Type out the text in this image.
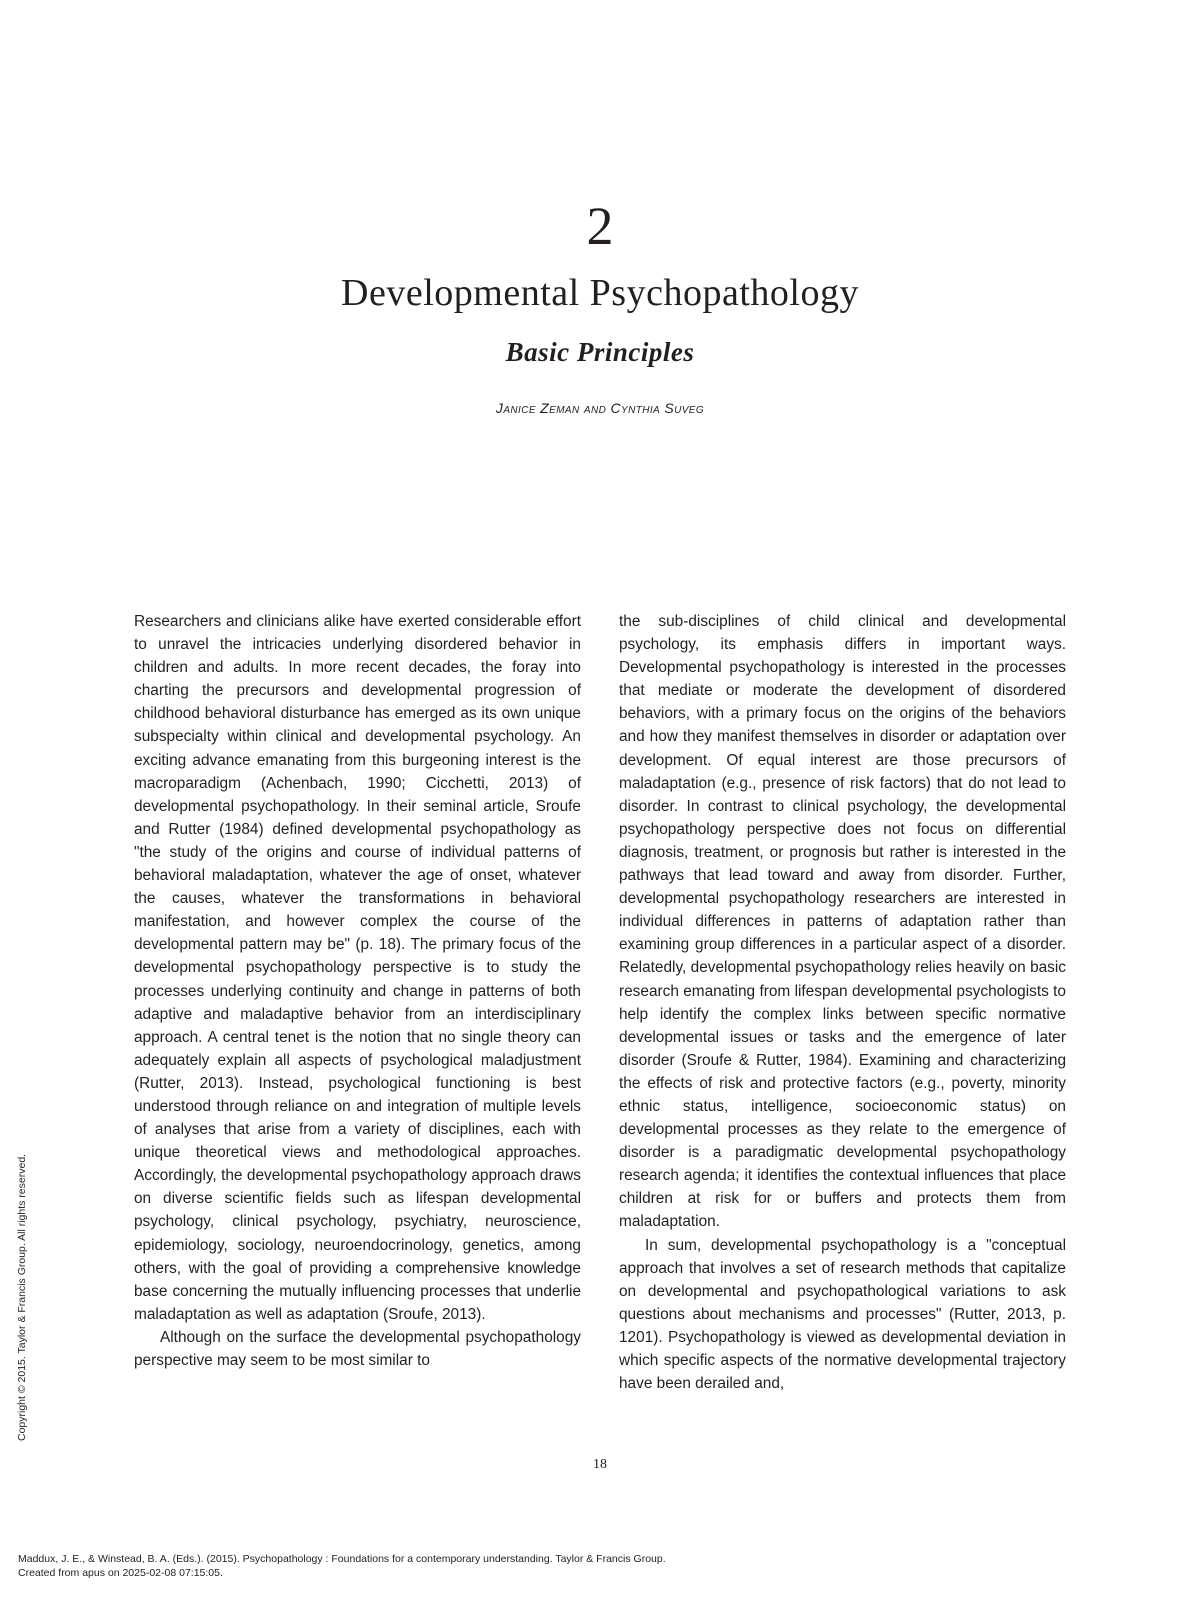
2
Developmental Psychopathology
Basic Principles
Janice Zeman and Cynthia Suveg

Researchers and clinicians alike have exerted considerable effort to unravel the intricacies underlying disordered behavior in children and adults. In more recent decades, the foray into charting the precursors and developmental progression of childhood behavioral disturbance has emerged as its own unique subspecialty within clinical and developmental psychology. An exciting advance emanating from this burgeoning interest is the macroparadigm (Achenbach, 1990; Cicchetti, 2013) of developmental psychopathology. In their seminal article, Sroufe and Rutter (1984) defined developmental psychopathology as "the study of the origins and course of individual patterns of behavioral maladaptation, whatever the age of onset, whatever the causes, whatever the transformations in behavioral manifestation, and however complex the course of the developmental pattern may be" (p. 18). The primary focus of the developmental psychopathology perspective is to study the processes underlying continuity and change in patterns of both adaptive and maladaptive behavior from an interdisciplinary approach. A central tenet is the notion that no single theory can adequately explain all aspects of psychological maladjustment (Rutter, 2013). Instead, psychological functioning is best understood through reliance on and integration of multiple levels of analyses that arise from a variety of disciplines, each with unique theoretical views and methodological approaches. Accordingly, the developmental psychopathology approach draws on diverse scientific fields such as lifespan developmental psychology, clinical psychology, psychiatry, neuroscience, epidemiology, sociology, neuroendocrinology, genetics, among others, with the goal of providing a comprehensive knowledge base concerning the mutually influencing processes that underlie maladaptation as well as adaptation (Sroufe, 2013).

Although on the surface the developmental psychopathology perspective may seem to be most similar to

the sub-disciplines of child clinical and developmental psychology, its emphasis differs in important ways. Developmental psychopathology is interested in the processes that mediate or moderate the development of disordered behaviors, with a primary focus on the origins of the behaviors and how they manifest themselves in disorder or adaptation over development. Of equal interest are those precursors of maladaptation (e.g., presence of risk factors) that do not lead to disorder. In contrast to clinical psychology, the developmental psychopathology perspective does not focus on differential diagnosis, treatment, or prognosis but rather is interested in the pathways that lead toward and away from disorder. Further, developmental psychopathology researchers are interested in individual differences in patterns of adaptation rather than examining group differences in a particular aspect of a disorder. Relatedly, developmental psychopathology relies heavily on basic research emanating from lifespan developmental psychologists to help identify the complex links between specific normative developmental issues or tasks and the emergence of later disorder (Sroufe & Rutter, 1984). Examining and characterizing the effects of risk and protective factors (e.g., poverty, minority ethnic status, intelligence, socioeconomic status) on developmental processes as they relate to the emergence of disorder is a paradigmatic developmental psychopathology research agenda; it identifies the contextual influences that place children at risk for or buffers and protects them from maladaptation.

In sum, developmental psychopathology is a "conceptual approach that involves a set of research methods that capitalize on developmental and psychopathological variations to ask questions about mechanisms and processes" (Rutter, 2013, p. 1201). Psychopathology is viewed as developmental deviation in which specific aspects of the normative developmental trajectory have been derailed and,

18
Copyright © 2015. Taylor & Francis Group. All rights reserved.
Maddux, J. E., & Winstead, B. A. (Eds.). (2015). Psychopathology : Foundations for a contemporary understanding. Taylor & Francis Group.
Created from apus on 2025-02-08 07:15:05.
